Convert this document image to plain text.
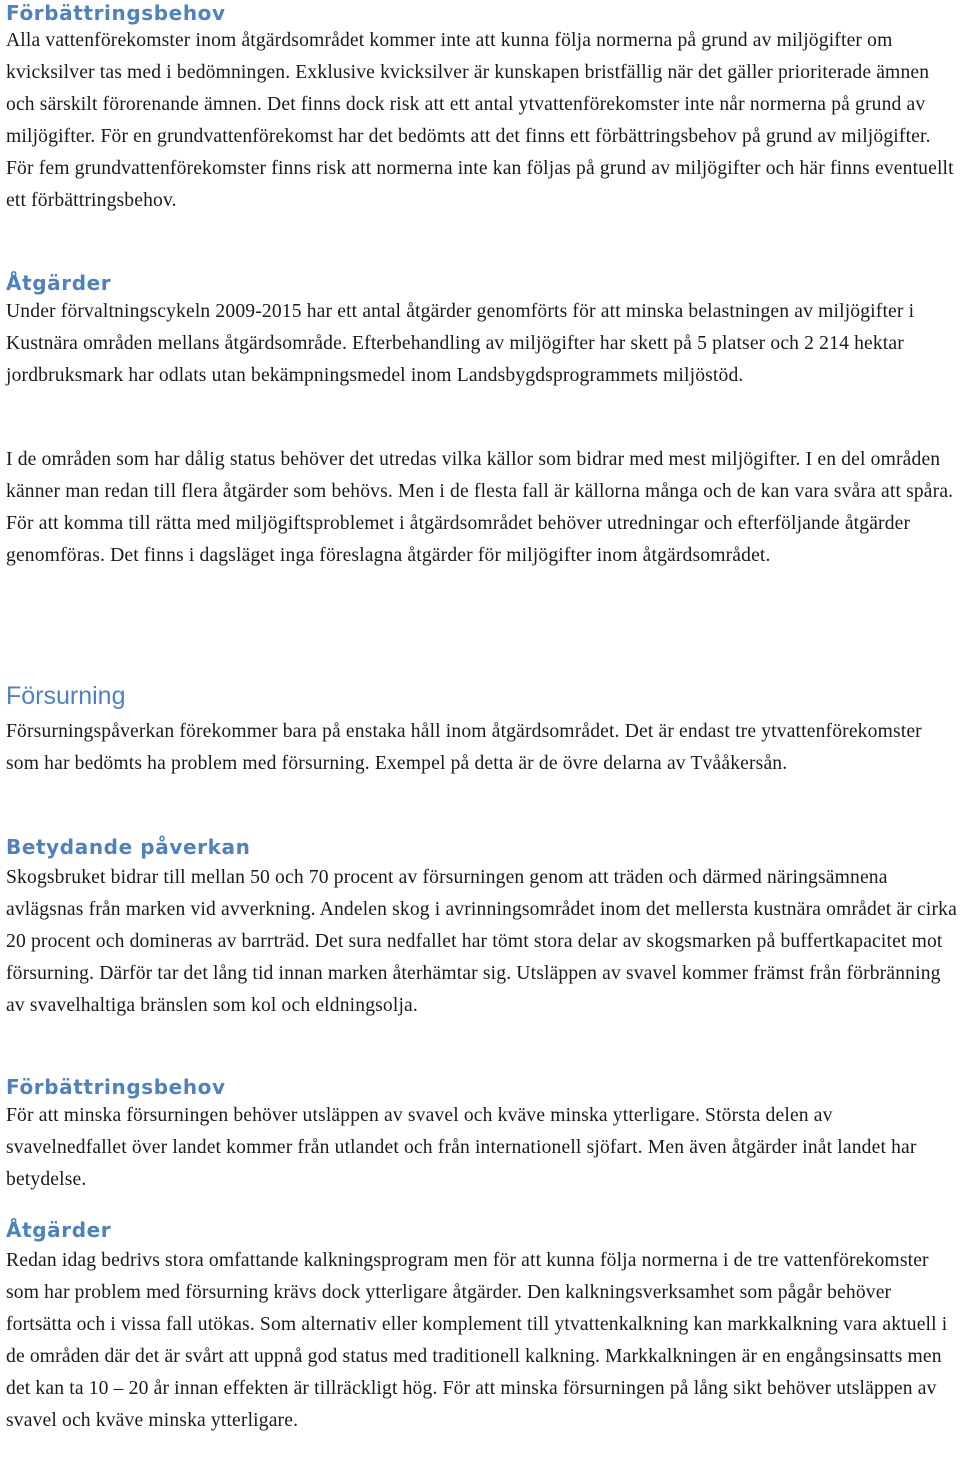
Förbättringsbehov

Alla vattenförekomster inom åtgärdsområdet kommer inte att kunna följa normerna på grund av miljögifter om kvicksilver tas med i bedömningen. Exklusive kvicksilver är kunskapen bristfällig när det gäller prioriterade ämnen och särskilt förorenande ämnen. Det finns dock risk att ett antal ytvattenförekomster inte når normerna på grund av miljögifter. För en grundvattenförekomst har det bedömts att det finns ett förbättringsbehov på grund av miljögifter. För fem grundvattenförekomster finns risk att normerna inte kan följas på grund av miljögifter och här finns eventuellt ett förbättringsbehov.

Åtgärder

Under förvaltningscykeln 2009-2015 har ett antal åtgärder genomförts för att minska belastningen av miljögifter i Kustnära områden mellans åtgärdsområde. Efterbehandling av miljögifter har skett på 5 platser och 2 214 hektar jordbruksmark har odlats utan bekämpningsmedel inom Landsbygdsprogrammets miljöstöd.

I de områden som har dålig status behöver det utredas vilka källor som bidrar med mest miljögifter. I en del områden känner man redan till flera åtgärder som behövs. Men i de flesta fall är källorna många och de kan vara svåra att spåra. För att komma till rätta med miljögiftsproblemet i åtgärdsområdet behöver utredningar och efterföljande åtgärder genomföras. Det finns i dagsläget inga föreslagna åtgärder för miljögifter inom åtgärdsområdet.

Försurning

Försurningspåverkan förekommer bara på enstaka håll inom åtgärdsområdet. Det är endast tre ytvattenförekomster som har bedömts ha problem med försurning. Exempel på detta är de övre delarna av Tvååkersån.

Betydande påverkan

Skogsbruket bidrar till mellan 50 och 70 procent av försurningen genom att träden och därmed näringsämnena avlägsnas från marken vid avverkning. Andelen skog i avrinningsområdet inom det mellersta kustnära området är cirka 20 procent och domineras av barrträd. Det sura nedfallet har tömt stora delar av skogsmarken på buffertkapacitet mot försurning. Därför tar det lång tid innan marken återhämtar sig. Utsläppen av svavel kommer främst från förbränning av svavelhaltiga bränslen som kol och eldningsolja.

Förbättringsbehov

För att minska försurningen behöver utsläppen av svavel och kväve minska ytterligare. Största delen av svavelnedfallet över landet kommer från utlandet och från internationell sjöfart. Men även åtgärder inåt landet har betydelse.

Åtgärder

Redan idag bedrivs stora omfattande kalkningsprogram men för att kunna följa normerna i de tre vattenförekomster som har problem med försurning krävs dock ytterligare åtgärder. Den kalkningsverksamhet som pågår behöver fortsätta och i vissa fall utökas. Som alternativ eller komplement till ytvattenkalkning kan markkalkning vara aktuell i de områden där det är svårt att uppnå god status med traditionell kalkning. Markkalkningen är en engångsinsatts men det kan ta 10 – 20 år innan effekten är tillräckligt hög. För att minska försurningen på lång sikt behöver utsläppen av svavel och kväve minska ytterligare.
